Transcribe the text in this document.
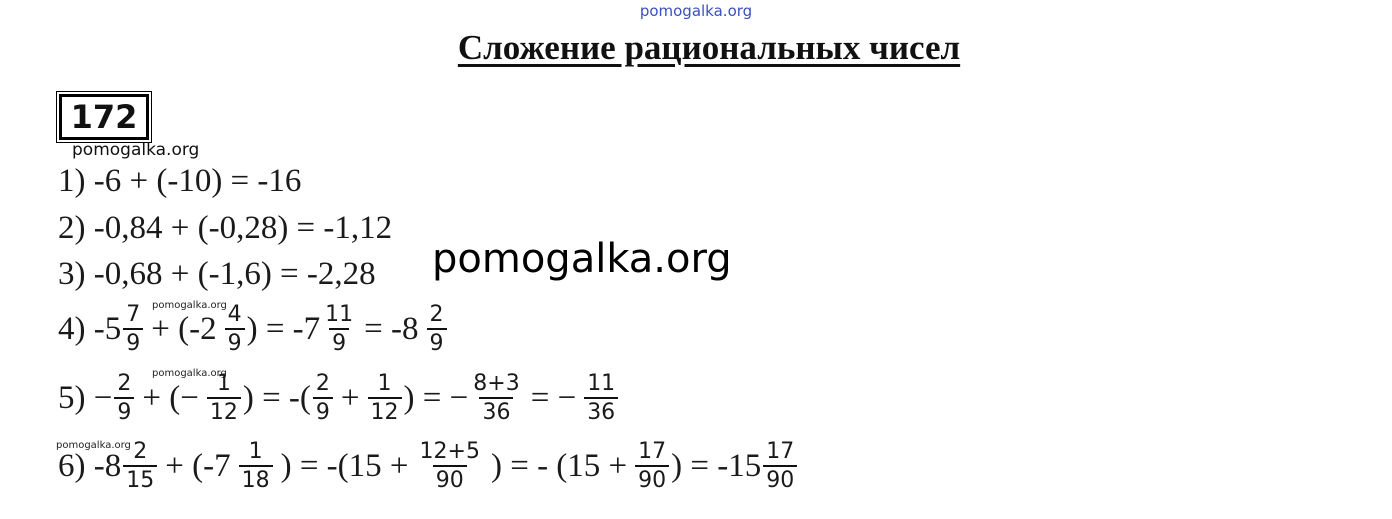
pomogalka.org
Сложение рациональных чисел
172
pomogalka.org
1) -6 + (-10) = -16
2) -0,84 + (-0,28) = -1,12
3) -0,68 + (-1,6) = -2,28 pomogalka.org
pomogalka.org
4) $-5 \frac{7}{9} + (-2 \frac{4}{9}$ ) = $-7 \frac{11}{9} = -8 \frac{2}{9}$
pomogalka.org
$5) - \frac{2}{9}$ + (− $\frac{1}{12}$ ) = -( $\frac{2}{9} + \frac{1}{12}$ ) = − $\frac{8+3}{36}$ = − $\frac{11}{36}$
pomogalka.org
6) $-8 \frac{2}{15} + (-7 \frac{1}{18}$ ) = $-(15 + \frac{12+5}{90}$ ) = - ($15 + \frac{17}{90}$ ) = $-15 \frac{17}{90}$
